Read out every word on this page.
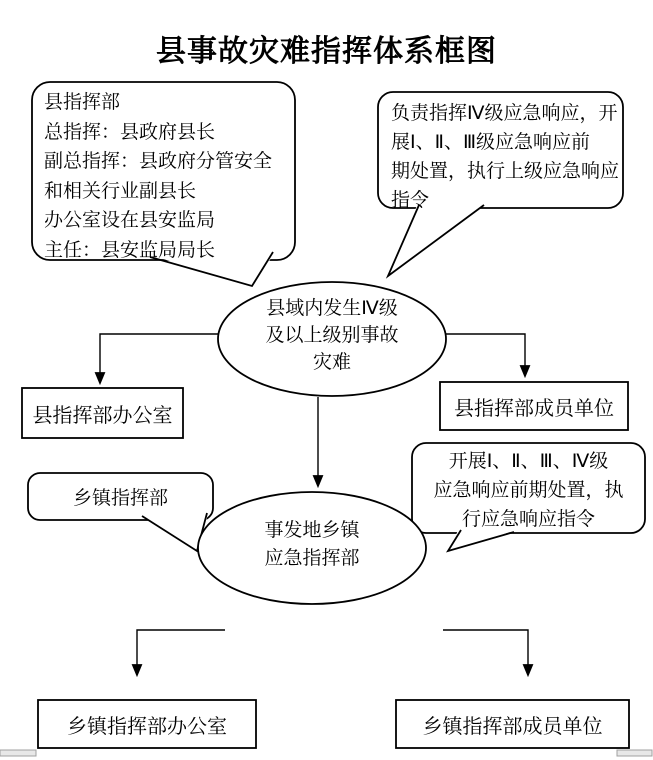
县事故灾难指挥体系框图
县指挥部
总指挥：县政府县长
副总指挥：县政府分管安全
和相关行业副县长
办公室设在县安监局
主任：县安监局局长
负责指挥Ⅳ级应急响应，开
展Ⅰ、Ⅱ、Ⅲ级应急响应前
期处置，执行上级应急响应
指令
县域内发生Ⅳ级
及以上级别事故
灾难
县指挥部办公室	县指挥部成员单位
开展Ⅰ、Ⅱ、Ⅲ、Ⅳ级
应急响应前期处置，执
行应急响应指令
乡镇指挥部
事发地乡镇
应急指挥部
乡镇指挥部办公室	乡镇指挥部成员单位
